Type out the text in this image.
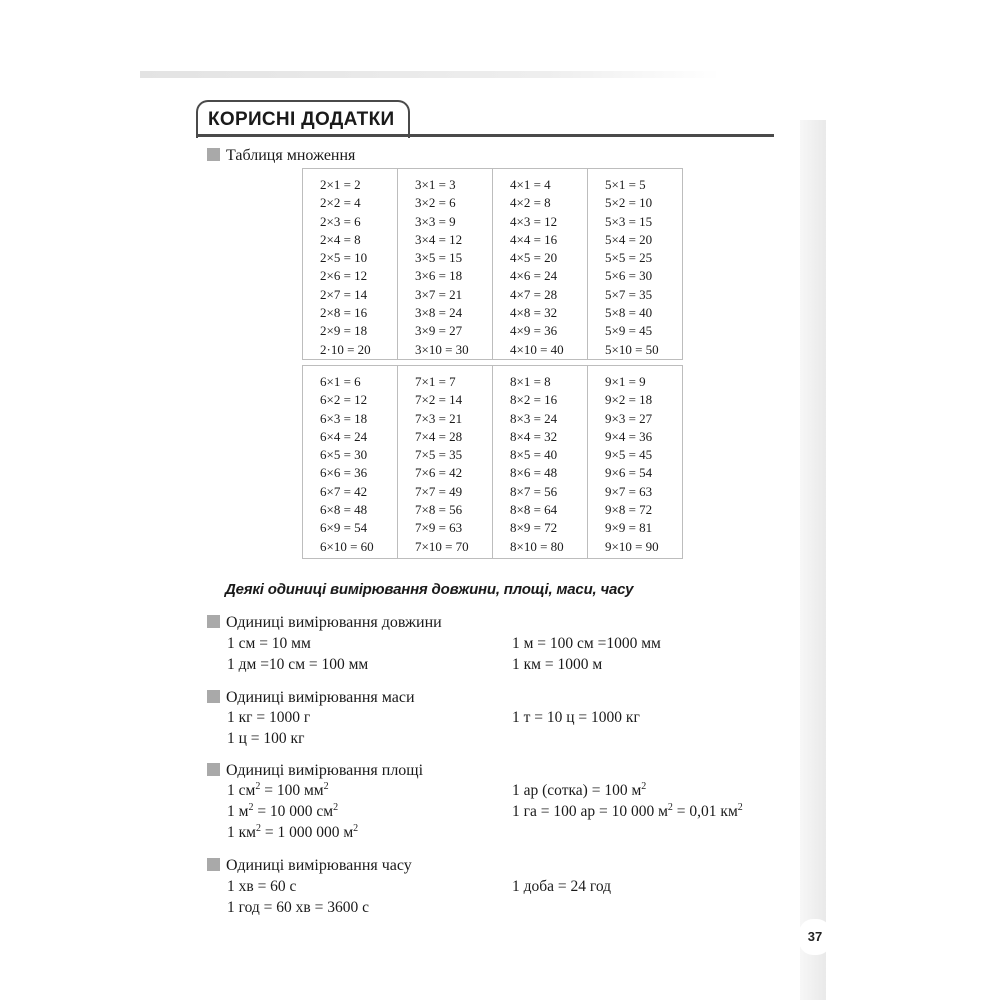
37
КОРИСНІ ДОДАТКИ
Таблиця множення
2×1 = 2
2×2 = 4
2×3 = 6
2×4 = 8
2×5 = 10
2×6 = 12
2×7 = 14
2×8 = 16
2×9 = 18
2·10 = 20
3×1 = 3
3×2 = 6
3×3 = 9
3×4 = 12
3×5 = 15
3×6 = 18
3×7 = 21
3×8 = 24
3×9 = 27
3×10 = 30
4×1 = 4
4×2 = 8
4×3 = 12
4×4 = 16
4×5 = 20
4×6 = 24
4×7 = 28
4×8 = 32
4×9 = 36
4×10 = 40
5×1 = 5
5×2 = 10
5×3 = 15
5×4 = 20
5×5 = 25
5×6 = 30
5×7 = 35
5×8 = 40
5×9 = 45
5×10 = 50
6×1 = 6
6×2 = 12
6×3 = 18
6×4 = 24
6×5 = 30
6×6 = 36
6×7 = 42
6×8 = 48
6×9 = 54
6×10 = 60
7×1 = 7
7×2 = 14
7×3 = 21
7×4 = 28
7×5 = 35
7×6 = 42
7×7 = 49
7×8 = 56
7×9 = 63
7×10 = 70
8×1 = 8
8×2 = 16
8×3 = 24
8×4 = 32
8×5 = 40
8×6 = 48
8×7 = 56
8×8 = 64
8×9 = 72
8×10 = 80
9×1 = 9
9×2 = 18
9×3 = 27
9×4 = 36
9×5 = 45
9×6 = 54
9×7 = 63
9×8 = 72
9×9 = 81
9×10 = 90
Деякі одиниці вимірювання довжини, площі, маси, часу
Одиниці вимірювання довжини
1 см = 10 мм
1 дм =10 см = 100 мм
1 м = 100 см =1000 мм
1 км = 1000 м
Одиниці вимірювання маси
1 кг = 1000 г
1 ц = 100 кг
1 т = 10 ц = 1000 кг
Одиниці вимірювання площі
1 $см^2 = 100$ $мм^2$
1 $м^2 = 10$ 000 $см^2$
1 $км^2 = 1$ 000 000 $м^2$
1 ар (сотка) = 100 $м^2$
1 га = 100 ар = 10 000 $м^2 = 0,01$ $км^2$
Одиниці вимірювання часу
1 хв = 60 с
1 год = 60 хв = 3600 с
1 доба = 24 год
